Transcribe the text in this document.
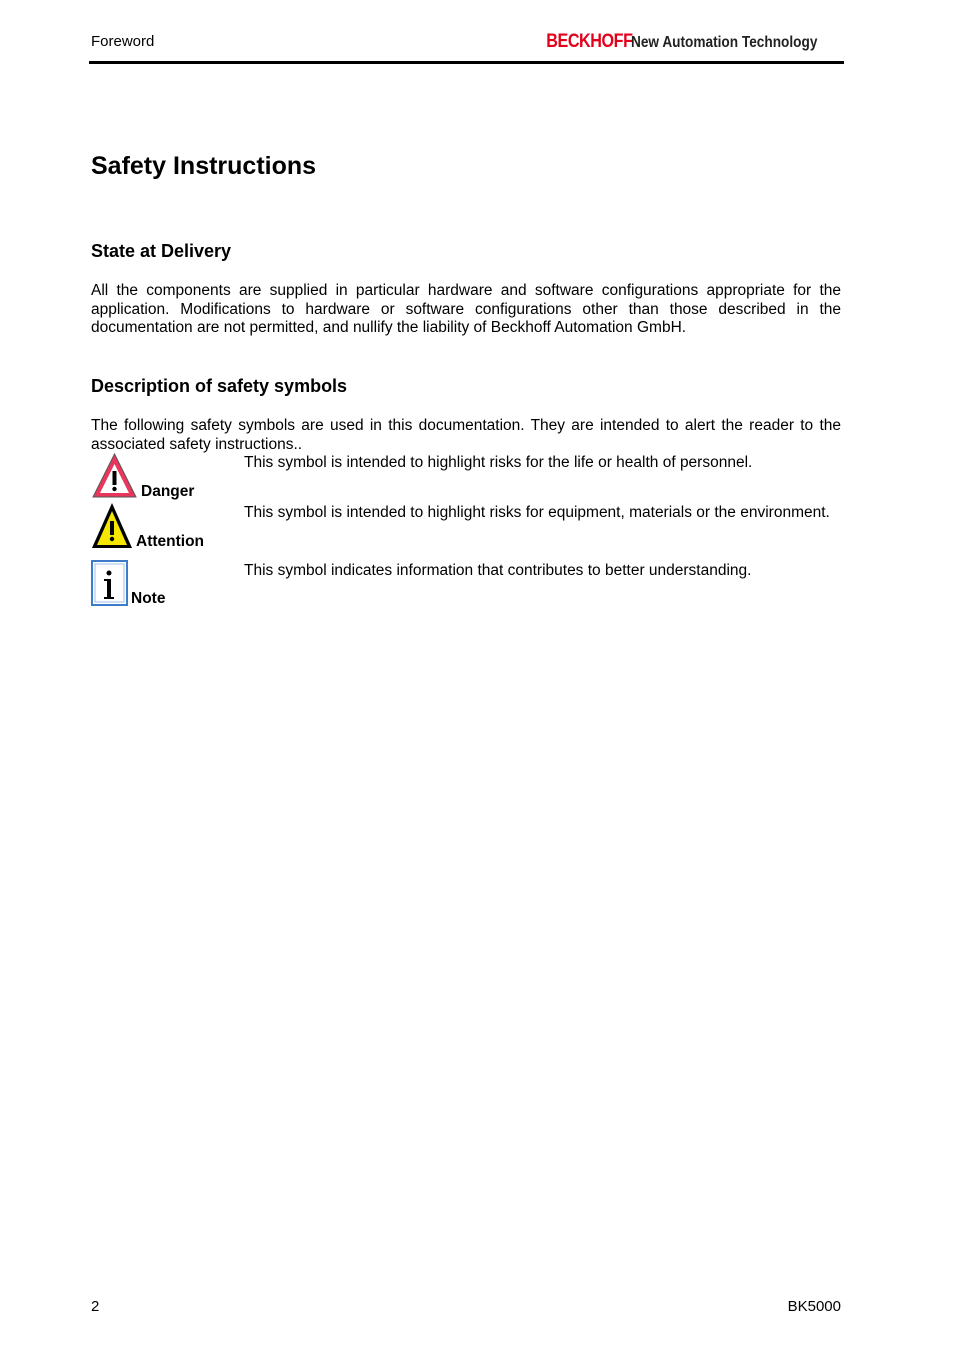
Foreword	BECKHOFF New Automation Technology
Safety Instructions
State at Delivery
All the components are supplied in particular hardware and software configurations appropriate for the application. Modifications to hardware or software configurations other than those described in the documentation are not permitted, and nullify the liability of Beckhoff Automation GmbH.
Description of safety symbols
The following safety symbols are used in this documentation. They are intended to alert the reader to the associated safety instructions..
Danger
This symbol is intended to highlight risks for the life or health of personnel.
Attention
This symbol is intended to highlight risks for equipment, materials or the environment.
Note
This symbol indicates information that contributes to better understanding.
2	BK5000
